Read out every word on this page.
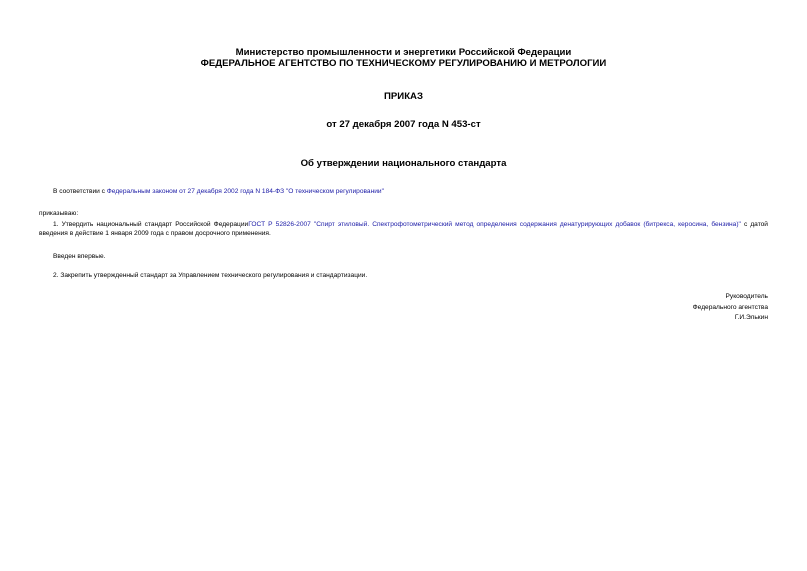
Министерство промышленности и энергетики Российской Федерации
ФЕДЕРАЛЬНОЕ АГЕНТСТВО ПО ТЕХНИЧЕСКОМУ РЕГУЛИРОВАНИЮ И МЕТРОЛОГИИ
ПРИКАЗ
от 27 декабря 2007 года N 453-ст
Об утверждении национального стандарта
В соответствии с Федеральным законом от 27 декабря 2002 года N 184-ФЗ "О техническом регулировании"
приказываю:
1. Утвердить национальный стандарт Российской ФедерацииГОСТ Р 52826-2007 "Спирт этиловый. Спектрофотометрический метод определения содержания денатурирующих добавок (битрекса, керосина, бензина)" с датой введения в действие 1 января 2009 года с правом досрочного применения.
Введен впервые.
2. Закрепить утвержденный стандарт за Управлением технического регулирования и стандартизации.
Руководитель
Федерального агентства
Г.И.Элькин
